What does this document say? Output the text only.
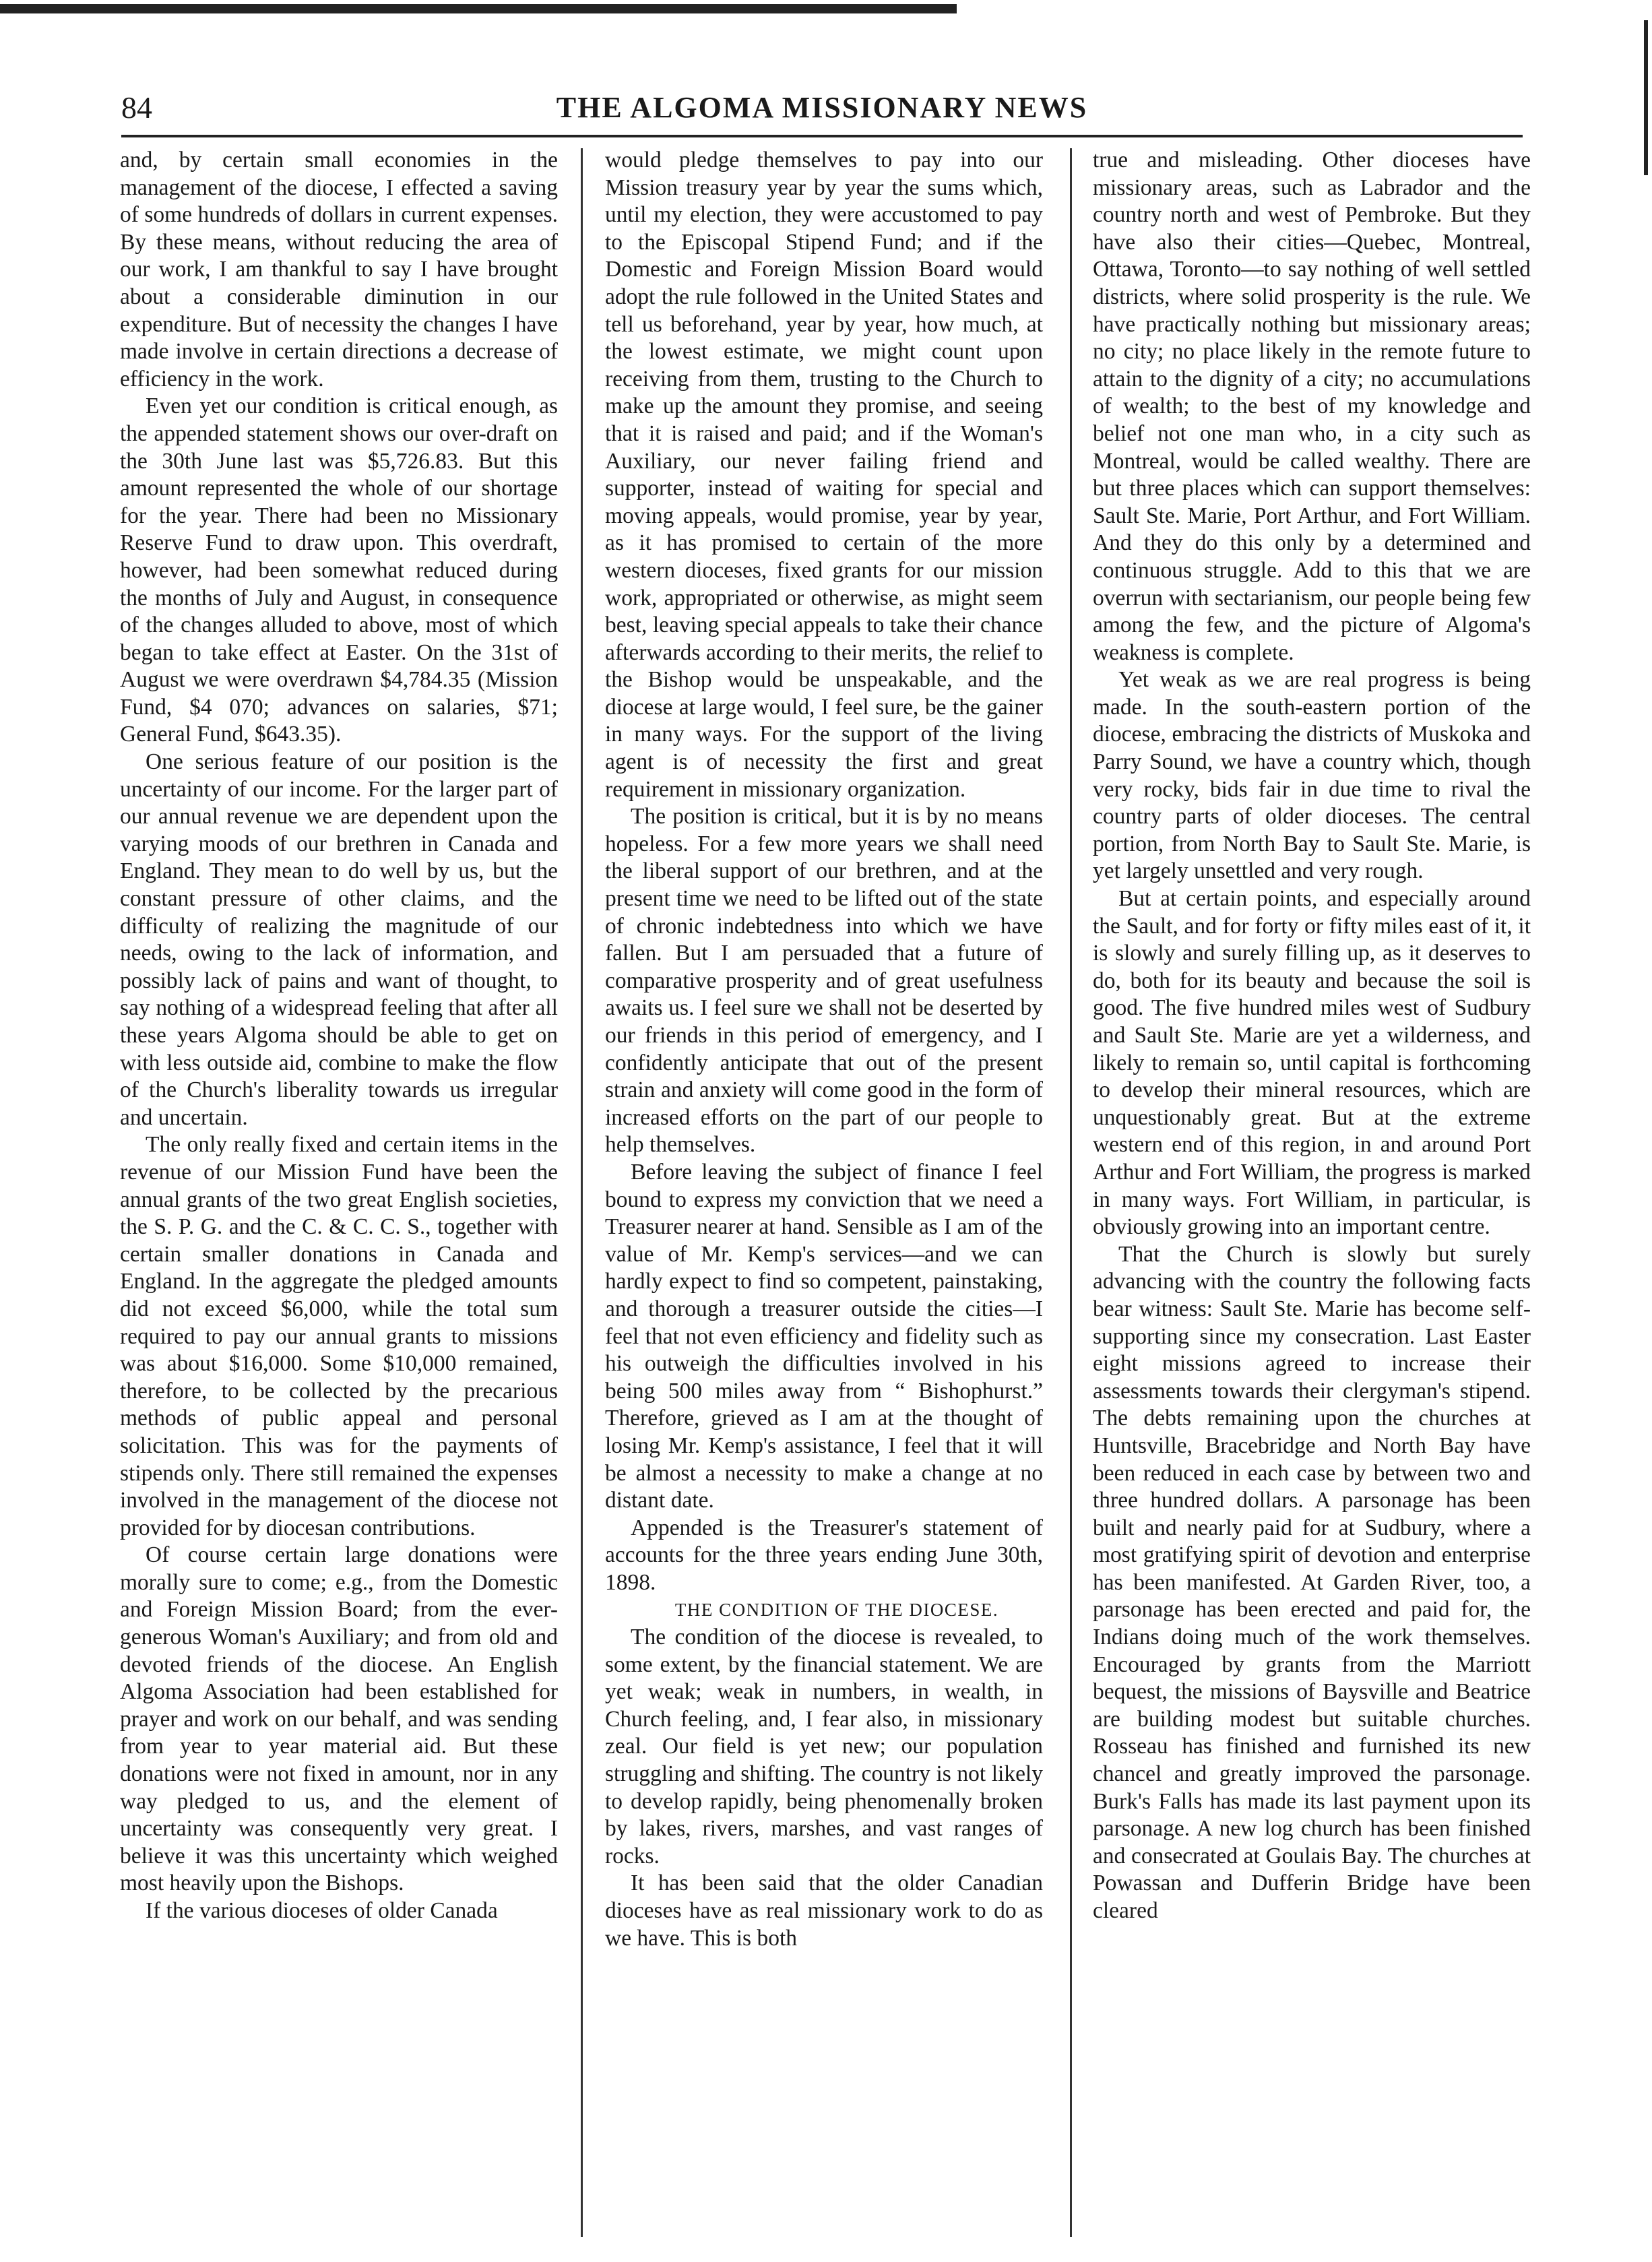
84	THE ALGOMA MISSIONARY NEWS

and, by certain small economies in the management of the diocese, I effected a saving of some hundreds of dollars in current expenses. By these means, without reducing the area of our work, I am thankful to say I have brought about a considerable diminution in our expenditure. But of necessity the changes I have made involve in certain directions a decrease of efficiency in the work.

Even yet our condition is critical enough, as the appended statement shows our over-draft on the 30th June last was $5,726.83. But this amount represented the whole of our shortage for the year. There had been no Missionary Reserve Fund to draw upon. This overdraft, however, had been somewhat reduced during the months of July and August, in consequence of the changes alluded to above, most of which began to take effect at Easter. On the 31st of August we were overdrawn $4,784.35 (Mission Fund, $4 070; advances on salaries, $71; General Fund, $643.35).

One serious feature of our position is the uncertainty of our income. For the larger part of our annual revenue we are dependent upon the varying moods of our brethren in Canada and England. They mean to do well by us, but the constant pressure of other claims, and the difficulty of realizing the magnitude of our needs, owing to the lack of information, and possibly lack of pains and want of thought, to say nothing of a widespread feeling that after all these years Algoma should be able to get on with less outside aid, combine to make the flow of the Church's liberality towards us irregular and uncertain.

The only really fixed and certain items in the revenue of our Mission Fund have been the annual grants of the two great English societies, the S. P. G. and the C. & C. C. S., together with certain smaller donations in Canada and England. In the aggregate the pledged amounts did not exceed $6,000, while the total sum required to pay our annual grants to missions was about $16,000. Some $10,000 remained, therefore, to be collected by the precarious methods of public appeal and personal solicitation. This was for the payments of stipends only. There still remained the expenses involved in the management of the diocese not provided for by diocesan contributions.

Of course certain large donations were morally sure to come; e.g., from the Domestic and Foreign Mission Board; from the ever-generous Woman's Auxiliary; and from old and devoted friends of the diocese. An English Algoma Association had been established for prayer and work on our behalf, and was sending from year to year material aid. But these donations were not fixed in amount, nor in any way pledged to us, and the element of uncertainty was consequently very great. I believe it was this uncertainty which weighed most heavily upon the Bishops.

If the various dioceses of older Canada

would pledge themselves to pay into our Mission treasury year by year the sums which, until my election, they were accustomed to pay to the Episcopal Stipend Fund; and if the Domestic and Foreign Mission Board would adopt the rule followed in the United States and tell us beforehand, year by year, how much, at the lowest estimate, we might count upon receiving from them, trusting to the Church to make up the amount they promise, and seeing that it is raised and paid; and if the Woman's Auxiliary, our never failing friend and supporter, instead of waiting for special and moving appeals, would promise, year by year, as it has promised to certain of the more western dioceses, fixed grants for our mission work, appropriated or otherwise, as might seem best, leaving special appeals to take their chance afterwards according to their merits, the relief to the Bishop would be unspeakable, and the diocese at large would, I feel sure, be the gainer in many ways. For the support of the living agent is of necessity the first and great requirement in missionary organization.

The position is critical, but it is by no means hopeless. For a few more years we shall need the liberal support of our brethren, and at the present time we need to be lifted out of the state of chronic indebtedness into which we have fallen. But I am persuaded that a future of comparative prosperity and of great usefulness awaits us. I feel sure we shall not be deserted by our friends in this period of emergency, and I confidently anticipate that out of the present strain and anxiety will come good in the form of increased efforts on the part of our people to help themselves.

Before leaving the subject of finance I feel bound to express my conviction that we need a Treasurer nearer at hand. Sensible as I am of the value of Mr. Kemp's services—and we can hardly expect to find so competent, painstaking, and thorough a treasurer outside the cities—I feel that not even efficiency and fidelity such as his outweigh the difficulties involved in his being 500 miles away from “ Bishophurst.” Therefore, grieved as I am at the thought of losing Mr. Kemp's assistance, I feel that it will be almost a necessity to make a change at no distant date.

Appended is the Treasurer's statement of accounts for the three years ending June 30th, 1898.

THE CONDITION OF THE DIOCESE.

The condition of the diocese is revealed, to some extent, by the financial statement. We are yet weak; weak in numbers, in wealth, in Church feeling, and, I fear also, in missionary zeal. Our field is yet new; our population struggling and shifting. The country is not likely to develop rapidly, being phenomenally broken by lakes, rivers, marshes, and vast ranges of rocks.

It has been said that the older Canadian dioceses have as real missionary work to do as we have. This is both

true and misleading. Other dioceses have missionary areas, such as Labrador and the country north and west of Pembroke. But they have also their cities—Quebec, Montreal, Ottawa, Toronto—to say nothing of well settled districts, where solid prosperity is the rule. We have practically nothing but missionary areas; no city; no place likely in the remote future to attain to the dignity of a city; no accumulations of wealth; to the best of my knowledge and belief not one man who, in a city such as Montreal, would be called wealthy. There are but three places which can support themselves: Sault Ste. Marie, Port Arthur, and Fort William. And they do this only by a determined and continuous struggle. Add to this that we are overrun with sectarianism, our people being few among the few, and the picture of Algoma's weakness is complete.

Yet weak as we are real progress is being made. In the south-eastern portion of the diocese, embracing the districts of Muskoka and Parry Sound, we have a country which, though very rocky, bids fair in due time to rival the country parts of older dioceses. The central portion, from North Bay to Sault Ste. Marie, is yet largely unsettled and very rough.

But at certain points, and especially around the Sault, and for forty or fifty miles east of it, it is slowly and surely filling up, as it deserves to do, both for its beauty and because the soil is good. The five hundred miles west of Sudbury and Sault Ste. Marie are yet a wilderness, and likely to remain so, until capital is forthcoming to develop their mineral resources, which are unquestionably great. But at the extreme western end of this region, in and around Port Arthur and Fort William, the progress is marked in many ways. Fort William, in particular, is obviously growing into an important centre.

That the Church is slowly but surely advancing with the country the following facts bear witness: Sault Ste. Marie has become self-supporting since my consecration. Last Easter eight missions agreed to increase their assessments towards their clergyman's stipend. The debts remaining upon the churches at Huntsville, Bracebridge and North Bay have been reduced in each case by between two and three hundred dollars. A parsonage has been built and nearly paid for at Sudbury, where a most gratifying spirit of devotion and enterprise has been manifested. At Garden River, too, a parsonage has been erected and paid for, the Indians doing much of the work themselves. Encouraged by grants from the Marriott bequest, the missions of Baysville and Beatrice are building modest but suitable churches. Rosseau has finished and furnished its new chancel and greatly improved the parsonage. Burk's Falls has made its last payment upon its parsonage. A new log church has been finished and consecrated at Goulais Bay. The churches at Powassan and Dufferin Bridge have been cleared
